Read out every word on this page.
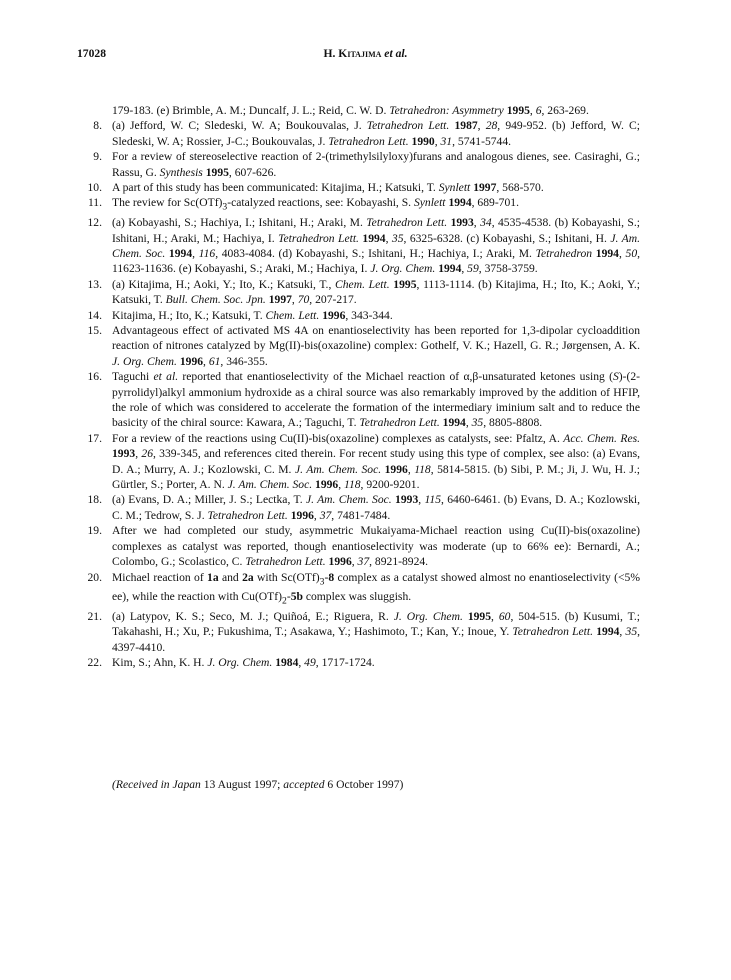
17028	H. Kitajima et al.

179-183. (e) Brimble, A. M.; Duncalf, J. L.; Reid, C. W. D. Tetrahedron: Asymmetry 1995, 6, 263-269.

8. (a) Jefford, W. C; Sledeski, W. A; Boukouvalas, J. Tetrahedron Lett. 1987, 28, 949-952. (b) Jefford, W. C; Sledeski, W. A; Rossier, J-C.; Boukouvalas, J. Tetrahedron Lett. 1990, 31, 5741-5744.

9. For a review of stereoselective reaction of 2-(trimethylsilyloxy)furans and analogous dienes, see. Casiraghi, G.; Rassu, G. Synthesis 1995, 607-626.

10. A part of this study has been communicated: Kitajima, H.; Katsuki, T. Synlett 1997, 568-570.

11. The review for $Sc(OTf)_3$-catalyzed reactions, see: Kobayashi, S. Synlett 1994, 689-701.

12. (a) Kobayashi, S.; Hachiya, I.; Ishitani, H.; Araki, M. Tetrahedron Lett. 1993, 34, 4535-4538. (b) Kobayashi, S.; Ishitani, H.; Araki, M.; Hachiya, I. Tetrahedron Lett. 1994, 35, 6325-6328. (c) Kobayashi, S.; Ishitani, H. J. Am. Chem. Soc. 1994, 116, 4083-4084. (d) Kobayashi, S.; Ishitani, H.; Hachiya, I.; Araki, M. Tetrahedron 1994, 50, 11623-11636. (e) Kobayashi, S.; Araki, M.; Hachiya, I. J. Org. Chem. 1994, 59, 3758-3759.

13. (a) Kitajima, H.; Aoki, Y.; Ito, K.; Katsuki, T., Chem. Lett. 1995, 1113-1114. (b) Kitajima, H.; Ito, K.; Aoki, Y.; Katsuki, T. Bull. Chem. Soc. Jpn. 1997, 70, 207-217.

14. Kitajima, H.; Ito, K.; Katsuki, T. Chem. Lett. 1996, 343-344.

15. Advantageous effect of activated MS 4A on enantioselectivity has been reported for 1,3-dipolar cycloaddition reaction of nitrones catalyzed by Mg(II)-bis(oxazoline) complex: Gothelf, V. K.; Hazell, G. R.; Jørgensen, A. K. J. Org. Chem. 1996, 61, 346-355.

16. Taguchi et al. reported that enantioselectivity of the Michael reaction of α,β-unsaturated ketones using (S)-(2-pyrrolidyl)alkyl ammonium hydroxide as a chiral source was also remarkably improved by the addition of HFIP, the role of which was considered to accelerate the formation of the intermediary iminium salt and to reduce the basicity of the chiral source: Kawara, A.; Taguchi, T. Tetrahedron Lett. 1994, 35, 8805-8808.

17. For a review of the reactions using Cu(II)-bis(oxazoline) complexes as catalysts, see: Pfaltz, A. Acc. Chem. Res. 1993, 26, 339-345, and references cited therein. For recent study using this type of complex, see also: (a) Evans, D. A.; Murry, A. J.; Kozlowski, C. M. J. Am. Chem. Soc. 1996, 118, 5814-5815. (b) Sibi, P. M.; Ji, J. Wu, H. J.; Gürtler, S.; Porter, A. N. J. Am. Chem. Soc. 1996, 118, 9200-9201.

18. (a) Evans, D. A.; Miller, J. S.; Lectka, T. J. Am. Chem. Soc. 1993, 115, 6460-6461. (b) Evans, D. A.; Kozlowski, C. M.; Tedrow, S. J. Tetrahedron Lett. 1996, 37, 7481-7484.

19. After we had completed our study, asymmetric Mukaiyama-Michael reaction using Cu(II)-bis(oxazoline) complexes as catalyst was reported, though enantioselectivity was moderate (up to 66% ee): Bernardi, A.; Colombo, G.; Scolastico, C. Tetrahedron Lett. 1996, 37, 8921-8924.

20. Michael reaction of 1a and 2a with $Sc(OTf)_3-8$ complex as a catalyst showed almost no enantioselectivity (<5% ee), while the reaction with $Cu(OTf)_2-5b$ complex was sluggish.

21. (a) Latypov, K. S.; Seco, M. J.; Quiñoá, E.; Riguera, R. J. Org. Chem. 1995, 60, 504-515. (b) Kusumi, T.; Takahashi, H.; Xu, P.; Fukushima, T.; Asakawa, Y.; Hashimoto, T.; Kan, Y.; Inoue, Y. Tetrahedron Lett. 1994, 35, 4397-4410.

22. Kim, S.; Ahn, K. H. J. Org. Chem. 1984, 49, 1717-1724.

(Received in Japan 13 August 1997; accepted 6 October 1997)
